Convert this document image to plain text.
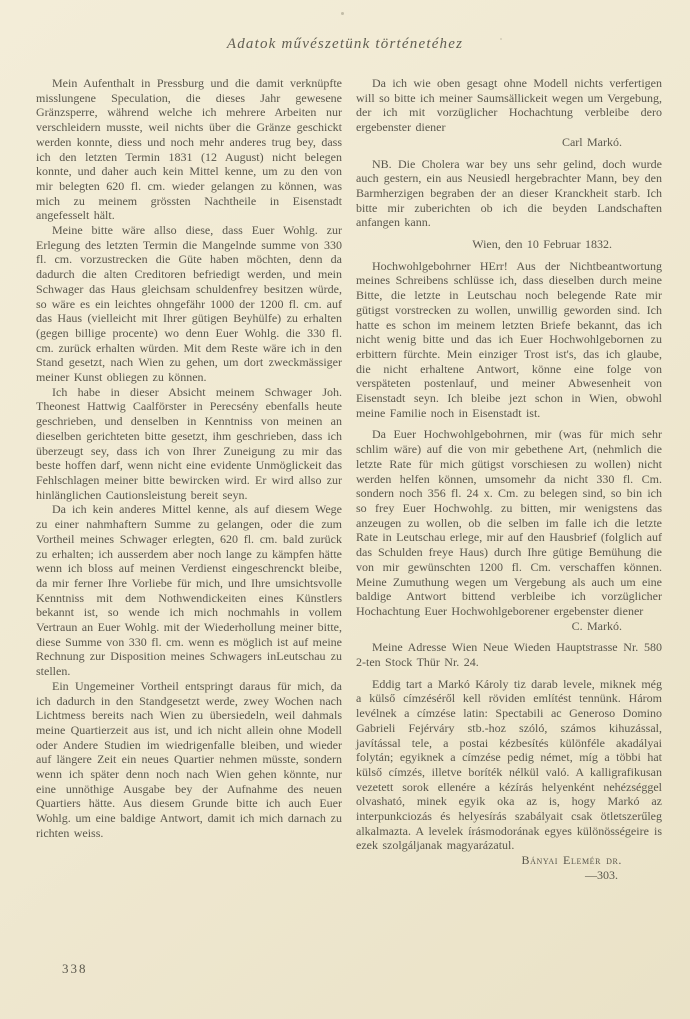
Adatok művészetünk történetéhez

Mein Aufenthalt in Pressburg und die damit verknüpfte misslungene Speculation, die dieses Jahr gewesene Gränzsperre, während welche ich mehrere Arbeiten nur verschleidern musste, weil nichts über die Gränze geschickt werden konnte, diess und noch mehr anderes trug bey, dass ich den letzten Termin 1831 (12 August) nicht belegen konnte, und daher auch kein Mittel kenne, um zu den von mir belegten 620 fl. cm. wieder gelangen zu können, was mich zu meinem grössten Nachtheile in Eisenstadt angefesselt hält.

Meine bitte wäre allso diese, dass Euer Wohlg. zur Erlegung des letzten Termin die Mangelnde summe von 330 fl. cm. vorzustrecken die Güte haben möchten, denn da dadurch die alten Creditoren befriedigt werden, und mein Schwager das Haus gleichsam schuldenfrey besitzen würde, so wäre es ein leichtes ohngefähr 1000 der 1200 fl. cm. auf das Haus (vielleicht mit Ihrer gütigen Beyhülfe) zu erhalten (gegen billige procente) wo denn Euer Wohlg. die 330 fl. cm. zurück erhalten würden. Mit dem Reste wäre ich in den Stand gesetzt, nach Wien zu gehen, um dort zweckmässiger meiner Kunst obliegen zu können.

Ich habe in dieser Absicht meinem Schwager Joh. Theonest Hattwig Caalförster in Perecsény ebenfalls heute geschrieben, und denselben in Kenntniss von meinen an dieselben gerichteten bitte gesetzt, ihm geschrieben, dass ich überzeugt sey, dass ich von Ihrer Zuneigung zu mir das beste hoffen darf, wenn nicht eine evidente Unmöglickeit das Fehlschlagen meiner bitte bewircken wird. Er wird allso zur hinlänglichen Cautionsleistung bereit seyn.

Da ich kein anderes Mittel kenne, als auf diesem Wege zu einer nahmhaftern Summe zu gelangen, oder die zum Vortheil meines Schwager erlegten, 620 fl. cm. bald zurück zu erhalten; ich ausserdem aber noch lange zu kämpfen hätte wenn ich bloss auf meinen Verdienst eingeschrenckt bleibe, da mir ferner Ihre Vorliebe für mich, und Ihre umsichtsvolle Kenntniss mit dem Nothwendickeiten eines Künstlers bekannt ist, so wende ich mich nochmahls in vollem Vertraun an Euer Wohlg. mit der Wiederhollung meiner bitte, diese Summe von 330 fl. cm. wenn es möglich ist auf meine Rechnung zur Disposition meines Schwagers inLeutschau zu stellen.

Ein Ungemeiner Vortheil entspringt daraus für mich, da ich dadurch in den Standgesetzt werde, zwey Wochen nach Lichtmess bereits nach Wien zu übersiedeln, weil dahmals meine Quartierzeit aus ist, und ich nicht allein ohne Modell oder Andere Studien im wiedrigenfalle bleiben, und wieder auf längere Zeit ein neues Quartier nehmen müsste, sondern wenn ich später denn noch nach Wien gehen könnte, nur eine unnöthige Ausgabe bey der Aufnahme des neuen Quartiers hätte. Aus diesem Grunde bitte ich auch Euer Wohlg. um eine baldige Antwort, damit ich mich darnach zu richten weiss.

Da ich wie oben gesagt ohne Modell nichts verfertigen will so bitte ich meiner Saumsällickeit wegen um Vergebung, der ich mit vorzüglicher Hochachtung verbleibe dero ergebenster diener

Carl Markó.

NB. Die Cholera war bey uns sehr gelind, doch wurde auch gestern, ein aus Neusiedl hergebrachter Mann, bey den Barmherzigen begraben der an dieser Kranckheit starb. Ich bitte mir zuberichten ob ich die beyden Landschaften anfangen kann.

Wien, den 10 Februar 1832.

Hochwohlgebohrner HErr! Aus der Nichtbeantwortung meines Schreibens schlüsse ich, dass dieselben durch meine Bitte, die letzte in Leutschau noch belegende Rate mir gütigst vorstrecken zu wollen, unwillig geworden sind. Ich hatte es schon im meinem letzten Briefe bekannt, das ich nicht wenig bitte und das ich Euer Hochwohlgebornen zu erbittern fürchte. Mein einziger Trost ist's, das ich glaube, die nicht erhaltene Antwort, könne eine folge von verspäteten postenlauf, und meiner Abwesenheit von Eisenstadt seyn. Ich bleibe jezt schon in Wien, obwohl meine Familie noch in Eisenstadt ist.

Da Euer Hochwohlgebohrnen, mir (was für mich sehr schlim wäre) auf die von mir gebethene Art, (nehmlich die letzte Rate für mich gütigst vorschiesen zu wollen) nicht werden helfen können, umsomehr da nicht 330 fl. Cm. sondern noch 356 fl. 24 x. Cm. zu belegen sind, so bin ich so frey Euer Hochwohlg. zu bitten, mir wenigstens das anzeugen zu wollen, ob die selben im falle ich die letzte Rate in Leutschau erlege, mir auf den Hausbrief (folglich auf das Schulden freye Haus) durch Ihre gütige Bemühung die von mir gewünschten 1200 fl. Cm. verschaffen können. Meine Zumuthung wegen um Vergebung als auch um eine baldige Antwort bittend verbleibe ich vorzüglicher Hochachtung Euer Hochwohlgeborener ergebenster diener

C. Markó.

Meine Adresse Wien Neue Wieden Hauptstrasse Nr. 580 2-ten Stock Thür Nr. 24.

Eddig tart a Markó Károly tiz darab levele, miknek még a külső címzéséről kell röviden említést tennünk. Három levélnek a címzése latin: Spectabili ac Generoso Domino Gabrieli Fejérváry stb.-hoz szóló, számos kihuzással, javítással tele, a postai kézbesítés különféle akadályai folytán; egyiknek a címzése pedig német, míg a többi hat külső címzés, illetve boríték nélkül való. A kalligrafikusan vezetett sorok ellenére a kézírás helyenként nehézséggel olvasható, minek egyik oka az is, hogy Markó az interpunkciozás és helyesírás szabályait csak ötletszerűleg alkalmazta. A levelek írásmodorának egyes különösségeire is ezek szolgáljanak magyarázatul.

Bányai Elemér dr.
—303.
338
